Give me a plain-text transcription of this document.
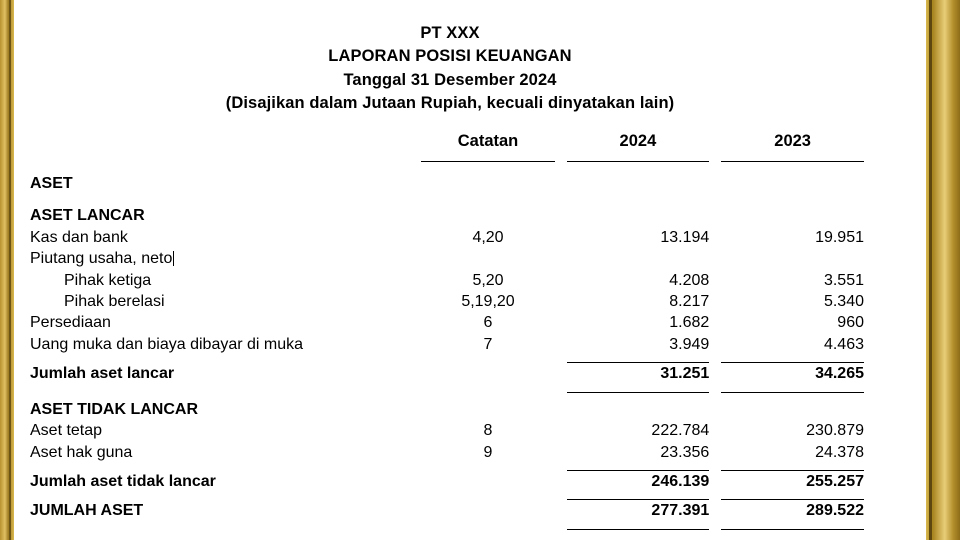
PT XXX
LAPORAN POSISI KEUANGAN
Tanggal 31 Desember 2024
(Disajikan dalam Jutaan Rupiah, kecuali dinyatakan lain)
	Catatan	2024	2023

ASET			

ASET LANCAR			
Kas dan bank	4,20	13.194	19.951
Piutang usaha, neto			
Pihak ketiga	5,20	4.208	3.551
Pihak berelasi	5,19,20	8.217	5.340
Persediaan	6	1.682	960
Uang muka dan biaya dibayar di muka	7	3.949	4.463

Jumlah aset lancar		31.251	34.265

ASET TIDAK LANCAR			
Aset tetap	8	222.784	230.879
Aset hak guna	9	23.356	24.378

Jumlah aset tidak lancar		246.139	255.257

JUMLAH ASET		277.391	289.522
